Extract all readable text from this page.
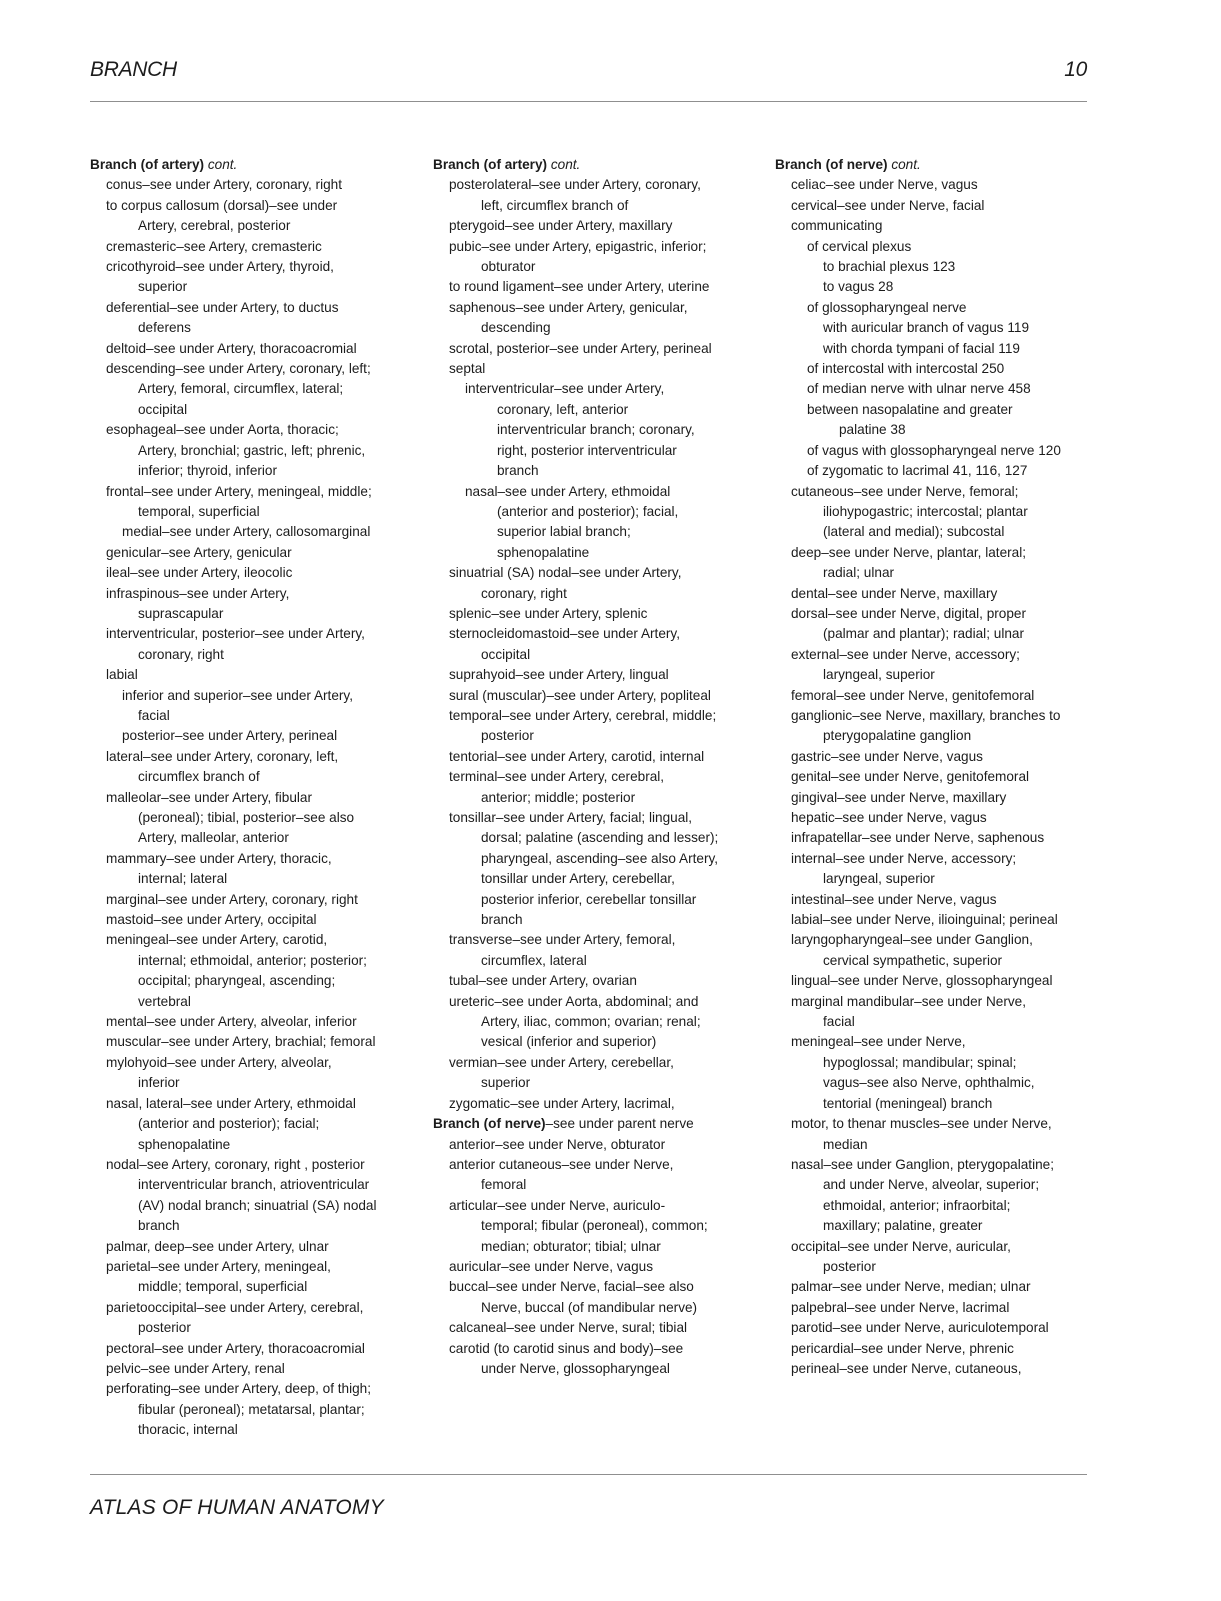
BRANCH	10
Branch (of artery) cont.
conus–see under Artery, coronary, right
to corpus callosum (dorsal)–see under
Artery, cerebral, posterior
cremasteric–see Artery, cremasteric
cricothyroid–see under Artery, thyroid,
superior
deferential–see under Artery, to ductus
deferens
deltoid–see under Artery, thoracoacromial
descending–see under Artery, coronary, left;
Artery, femoral, circumflex, lateral;
occipital
esophageal–see under Aorta, thoracic;
Artery, bronchial; gastric, left; phrenic,
inferior; thyroid, inferior
frontal–see under Artery, meningeal, middle;
temporal, superficial
medial–see under Artery, callosomarginal
genicular–see Artery, genicular
ileal–see under Artery, ileocolic
infraspinous–see under Artery,
suprascapular
interventricular, posterior–see under Artery,
coronary, right
labial
inferior and superior–see under Artery,
facial
posterior–see under Artery, perineal
lateral–see under Artery, coronary, left,
circumflex branch of
malleolar–see under Artery, fibular
(peroneal); tibial, posterior–see also
Artery, malleolar, anterior
mammary–see under Artery, thoracic,
internal; lateral
marginal–see under Artery, coronary, right
mastoid–see under Artery, occipital
meningeal–see under Artery, carotid,
internal; ethmoidal, anterior; posterior;
occipital; pharyngeal, ascending;
vertebral
mental–see under Artery, alveolar, inferior
muscular–see under Artery, brachial; femoral
mylohyoid–see under Artery, alveolar,
inferior
nasal, lateral–see under Artery, ethmoidal
(anterior and posterior); facial;
sphenopalatine
nodal–see Artery, coronary, right , posterior
interventricular branch, atrioventricular
(AV) nodal branch; sinuatrial (SA) nodal
branch
palmar, deep–see under Artery, ulnar
parietal–see under Artery, meningeal,
middle; temporal, superficial
parietooccipital–see under Artery, cerebral,
posterior
pectoral–see under Artery, thoracoacromial
pelvic–see under Artery, renal
perforating–see under Artery, deep, of thigh;
fibular (peroneal); metatarsal, plantar;
thoracic, internal
Branch (of artery) cont.
posterolateral–see under Artery, coronary,
left, circumflex branch of
pterygoid–see under Artery, maxillary
pubic–see under Artery, epigastric, inferior;
obturator
to round ligament–see under Artery, uterine
saphenous–see under Artery, genicular,
descending
scrotal, posterior–see under Artery, perineal
septal
interventricular–see under Artery,
coronary, left, anterior
interventricular branch; coronary,
right, posterior interventricular
branch
nasal–see under Artery, ethmoidal
(anterior and posterior); facial,
superior labial branch;
sphenopalatine
sinuatrial (SA) nodal–see under Artery,
coronary, right
splenic–see under Artery, splenic
sternocleidomastoid–see under Artery,
occipital
suprahyoid–see under Artery, lingual
sural (muscular)–see under Artery, popliteal
temporal–see under Artery, cerebral, middle;
posterior
tentorial–see under Artery, carotid, internal
terminal–see under Artery, cerebral,
anterior; middle; posterior
tonsillar–see under Artery, facial; lingual,
dorsal; palatine (ascending and lesser);
pharyngeal, ascending–see also Artery,
tonsillar under Artery, cerebellar,
posterior inferior, cerebellar tonsillar
branch
transverse–see under Artery, femoral,
circumflex, lateral
tubal–see under Artery, ovarian
ureteric–see under Aorta, abdominal; and
Artery, iliac, common; ovarian; renal;
vesical (inferior and superior)
vermian–see under Artery, cerebellar,
superior
zygomatic–see under Artery, lacrimal,
Branch (of nerve)–see under parent nerve
anterior–see under Nerve, obturator
anterior cutaneous–see under Nerve,
femoral
articular–see under Nerve, auriculo-
temporal; fibular (peroneal), common;
median; obturator; tibial; ulnar
auricular–see under Nerve, vagus
buccal–see under Nerve, facial–see also
Nerve, buccal (of mandibular nerve)
calcaneal–see under Nerve, sural; tibial
carotid (to carotid sinus and body)–see
under Nerve, glossopharyngeal
Branch (of nerve) cont.
celiac–see under Nerve, vagus
cervical–see under Nerve, facial
communicating
of cervical plexus
to brachial plexus 123
to vagus 28
of glossopharyngeal nerve
with auricular branch of vagus 119
with chorda tympani of facial 119
of intercostal with intercostal 250
of median nerve with ulnar nerve 458
between nasopalatine and greater
palatine 38
of vagus with glossopharyngeal nerve 120
of zygomatic to lacrimal 41, 116, 127
cutaneous–see under Nerve, femoral;
iliohypogastric; intercostal; plantar
(lateral and medial); subcostal
deep–see under Nerve, plantar, lateral;
radial; ulnar
dental–see under Nerve, maxillary
dorsal–see under Nerve, digital, proper
(palmar and plantar); radial; ulnar
external–see under Nerve, accessory;
laryngeal, superior
femoral–see under Nerve, genitofemoral
ganglionic–see Nerve, maxillary, branches to
pterygopalatine ganglion
gastric–see under Nerve, vagus
genital–see under Nerve, genitofemoral
gingival–see under Nerve, maxillary
hepatic–see under Nerve, vagus
infrapatellar–see under Nerve, saphenous
internal–see under Nerve, accessory;
laryngeal, superior
intestinal–see under Nerve, vagus
labial–see under Nerve, ilioinguinal; perineal
laryngopharyngeal–see under Ganglion,
cervical sympathetic, superior
lingual–see under Nerve, glossopharyngeal
marginal mandibular–see under Nerve,
facial
meningeal–see under Nerve,
hypoglossal; mandibular; spinal;
vagus–see also Nerve, ophthalmic,
tentorial (meningeal) branch
motor, to thenar muscles–see under Nerve,
median
nasal–see under Ganglion, pterygopalatine;
and under Nerve, alveolar, superior;
ethmoidal, anterior; infraorbital;
maxillary; palatine, greater
occipital–see under Nerve, auricular,
posterior
palmar–see under Nerve, median; ulnar
palpebral–see under Nerve, lacrimal
parotid–see under Nerve, auriculotemporal
pericardial–see under Nerve, phrenic
perineal–see under Nerve, cutaneous,
ATLAS OF HUMAN ANATOMY
